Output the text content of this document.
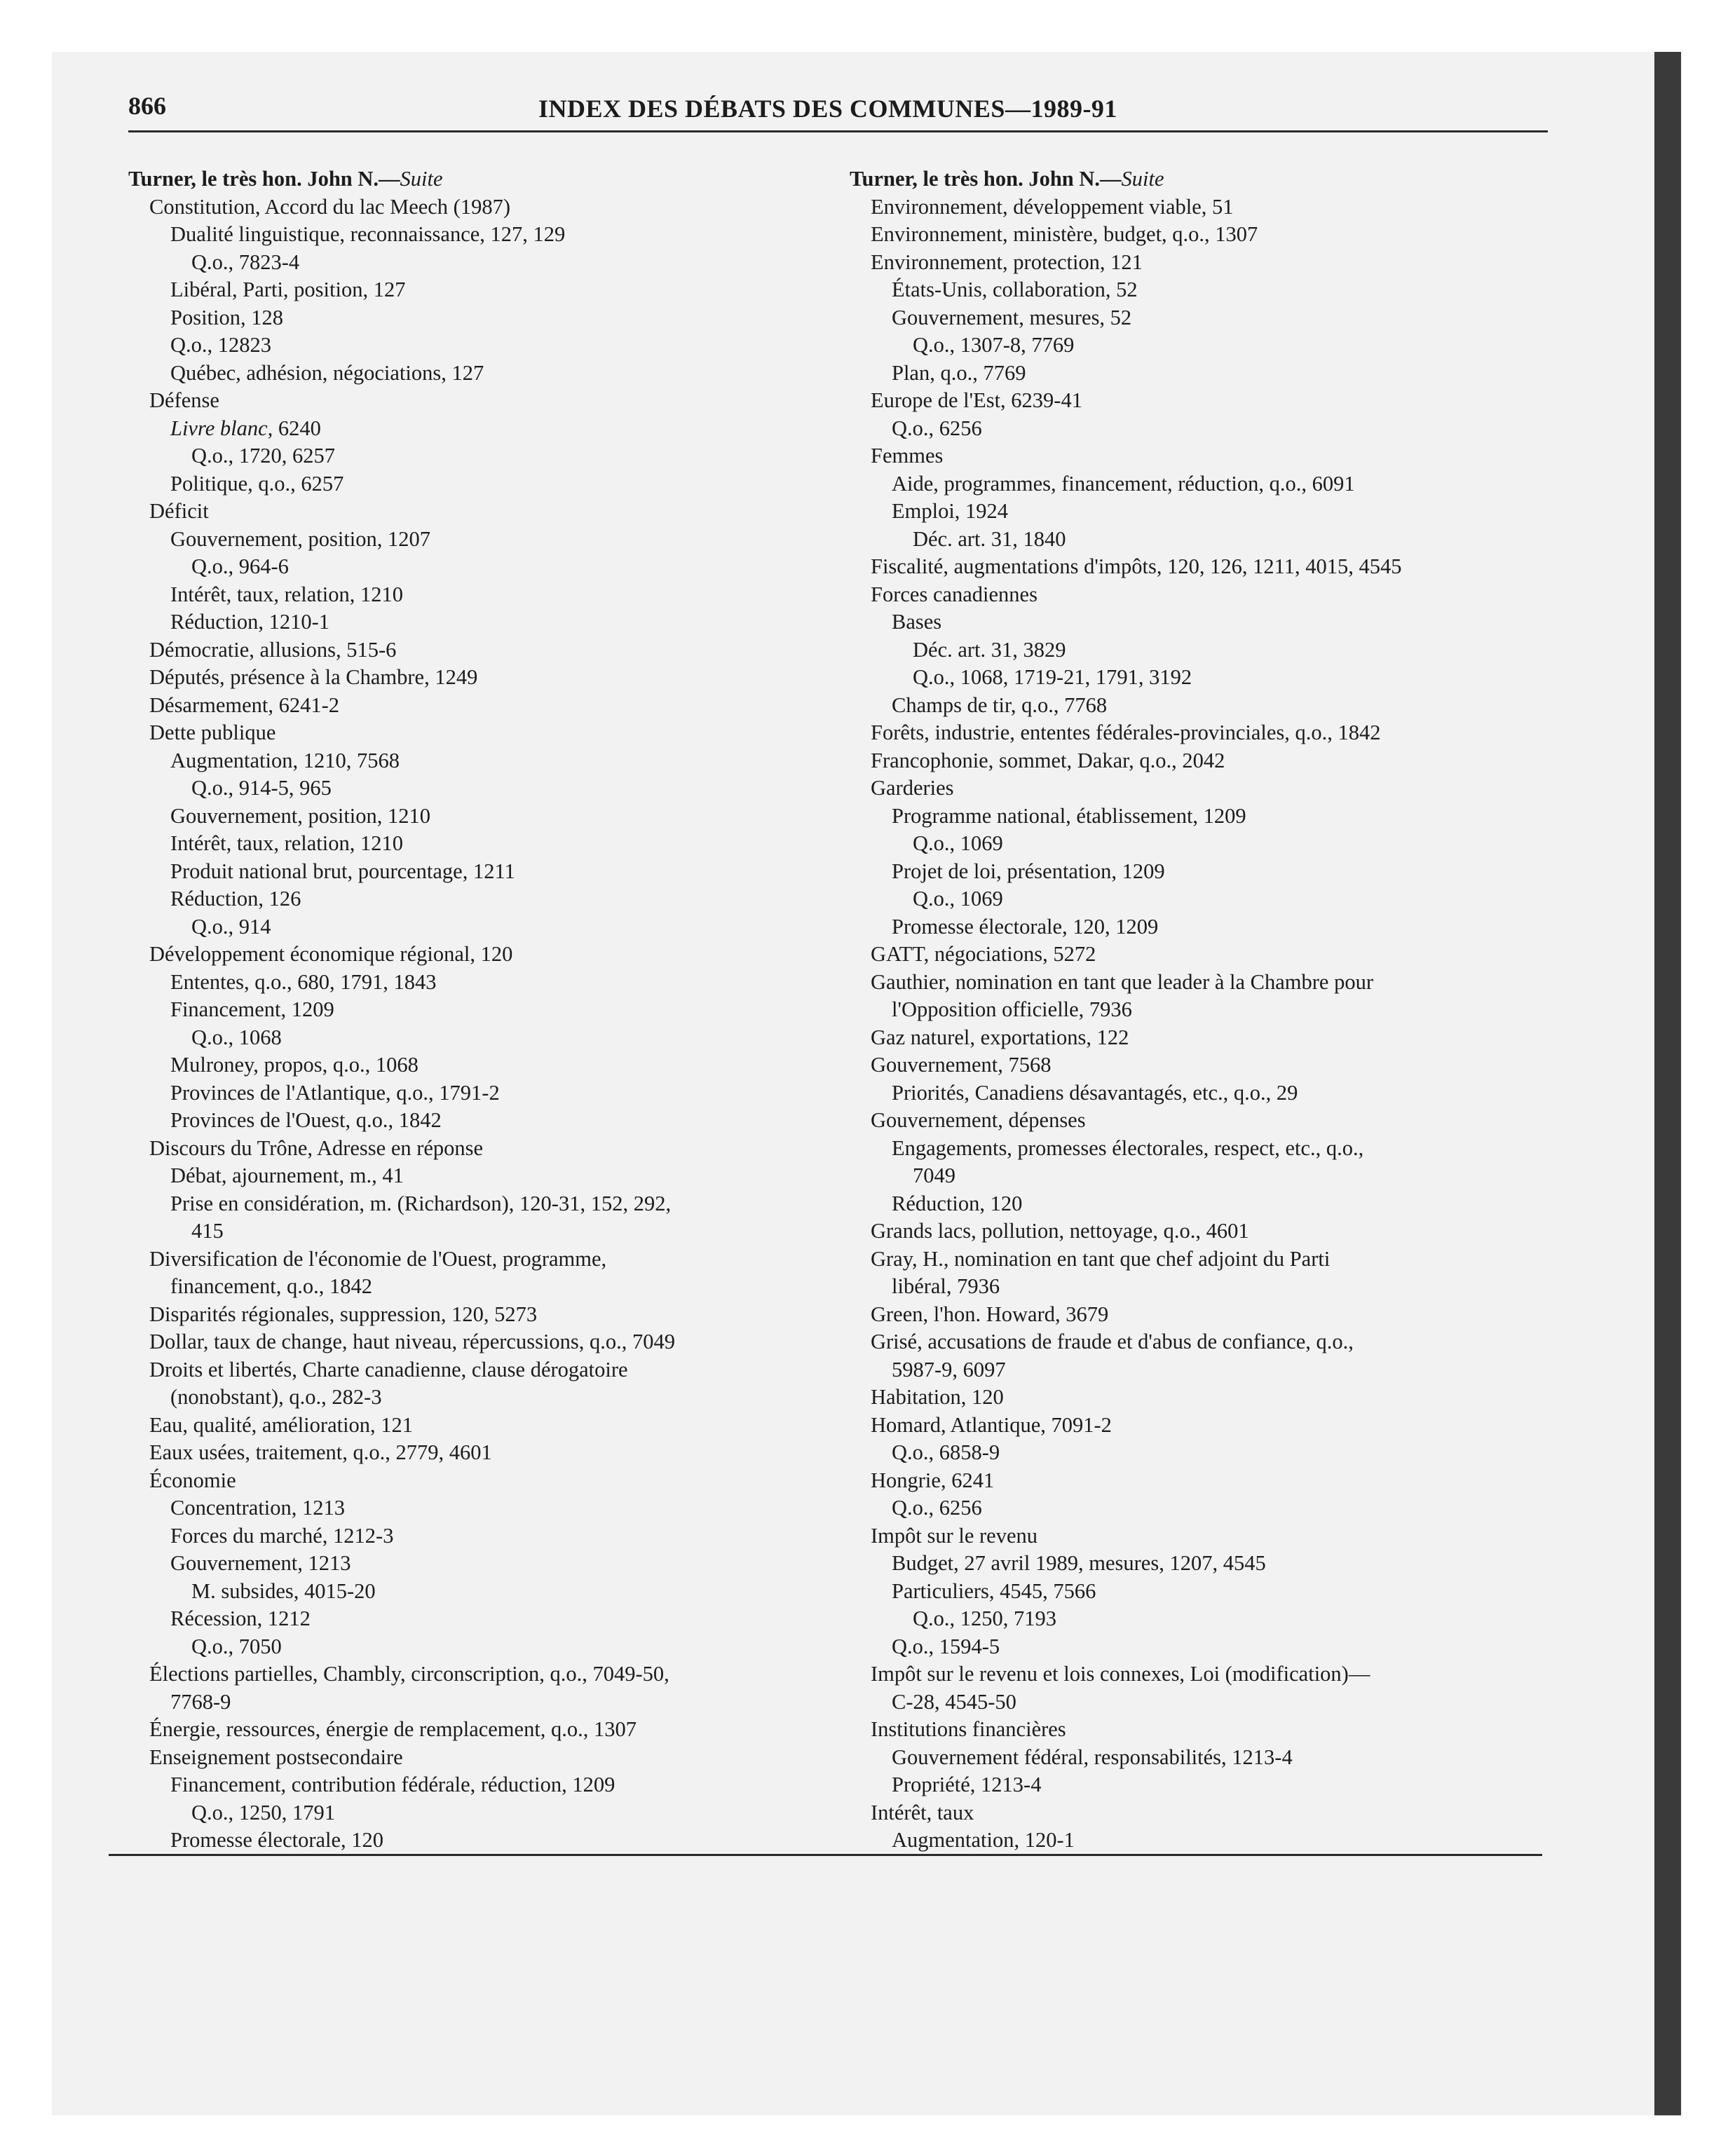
866	INDEX DES DÉBATS DES COMMUNES—1989-91
Turner, le très hon. John N.—Suite
Constitution, Accord du lac Meech (1987)
Dualité linguistique, reconnaissance, 127, 129
Q.o., 7823-4
Libéral, Parti, position, 127
Position, 128
Q.o., 12823
Québec, adhésion, négociations, 127
Défense
Livre blanc, 6240
Q.o., 1720, 6257
Politique, q.o., 6257
Déficit
Gouvernement, position, 1207
Q.o., 964-6
Intérêt, taux, relation, 1210
Réduction, 1210-1
Démocratie, allusions, 515-6
Députés, présence à la Chambre, 1249
Désarmement, 6241-2
Dette publique
Augmentation, 1210, 7568
Q.o., 914-5, 965
Gouvernement, position, 1210
Intérêt, taux, relation, 1210
Produit national brut, pourcentage, 1211
Réduction, 126
Q.o., 914
Développement économique régional, 120
Ententes, q.o., 680, 1791, 1843
Financement, 1209
Q.o., 1068
Mulroney, propos, q.o., 1068
Provinces de l'Atlantique, q.o., 1791-2
Provinces de l'Ouest, q.o., 1842
Discours du Trône, Adresse en réponse
Débat, ajournement, m., 41
Prise en considération, m. (Richardson), 120-31, 152, 292,
415
Diversification de l'économie de l'Ouest, programme,
financement, q.o., 1842
Disparités régionales, suppression, 120, 5273
Dollar, taux de change, haut niveau, répercussions, q.o., 7049
Droits et libertés, Charte canadienne, clause dérogatoire
(nonobstant), q.o., 282-3
Eau, qualité, amélioration, 121
Eaux usées, traitement, q.o., 2779, 4601
Économie
Concentration, 1213
Forces du marché, 1212-3
Gouvernement, 1213
M. subsides, 4015-20
Récession, 1212
Q.o., 7050
Élections partielles, Chambly, circonscription, q.o., 7049-50,
7768-9
Énergie, ressources, énergie de remplacement, q.o., 1307
Enseignement postsecondaire
Financement, contribution fédérale, réduction, 1209
Q.o., 1250, 1791
Promesse électorale, 120
Turner, le très hon. John N.—Suite
Environnement, développement viable, 51
Environnement, ministère, budget, q.o., 1307
Environnement, protection, 121
États-Unis, collaboration, 52
Gouvernement, mesures, 52
Q.o., 1307-8, 7769
Plan, q.o., 7769
Europe de l'Est, 6239-41
Q.o., 6256
Femmes
Aide, programmes, financement, réduction, q.o., 6091
Emploi, 1924
Déc. art. 31, 1840
Fiscalité, augmentations d'impôts, 120, 126, 1211, 4015, 4545
Forces canadiennes
Bases
Déc. art. 31, 3829
Q.o., 1068, 1719-21, 1791, 3192
Champs de tir, q.o., 7768
Forêts, industrie, ententes fédérales-provinciales, q.o., 1842
Francophonie, sommet, Dakar, q.o., 2042
Garderies
Programme national, établissement, 1209
Q.o., 1069
Projet de loi, présentation, 1209
Q.o., 1069
Promesse électorale, 120, 1209
GATT, négociations, 5272
Gauthier, nomination en tant que leader à la Chambre pour
l'Opposition officielle, 7936
Gaz naturel, exportations, 122
Gouvernement, 7568
Priorités, Canadiens désavantagés, etc., q.o., 29
Gouvernement, dépenses
Engagements, promesses électorales, respect, etc., q.o.,
7049
Réduction, 120
Grands lacs, pollution, nettoyage, q.o., 4601
Gray, H., nomination en tant que chef adjoint du Parti
libéral, 7936
Green, l'hon. Howard, 3679
Grisé, accusations de fraude et d'abus de confiance, q.o.,
5987-9, 6097
Habitation, 120
Homard, Atlantique, 7091-2
Q.o., 6858-9
Hongrie, 6241
Q.o., 6256
Impôt sur le revenu
Budget, 27 avril 1989, mesures, 1207, 4545
Particuliers, 4545, 7566
Q.o., 1250, 7193
Q.o., 1594-5
Impôt sur le revenu et lois connexes, Loi (modification)—
C-28, 4545-50
Institutions financières
Gouvernement fédéral, responsabilités, 1213-4
Propriété, 1213-4
Intérêt, taux
Augmentation, 120-1
